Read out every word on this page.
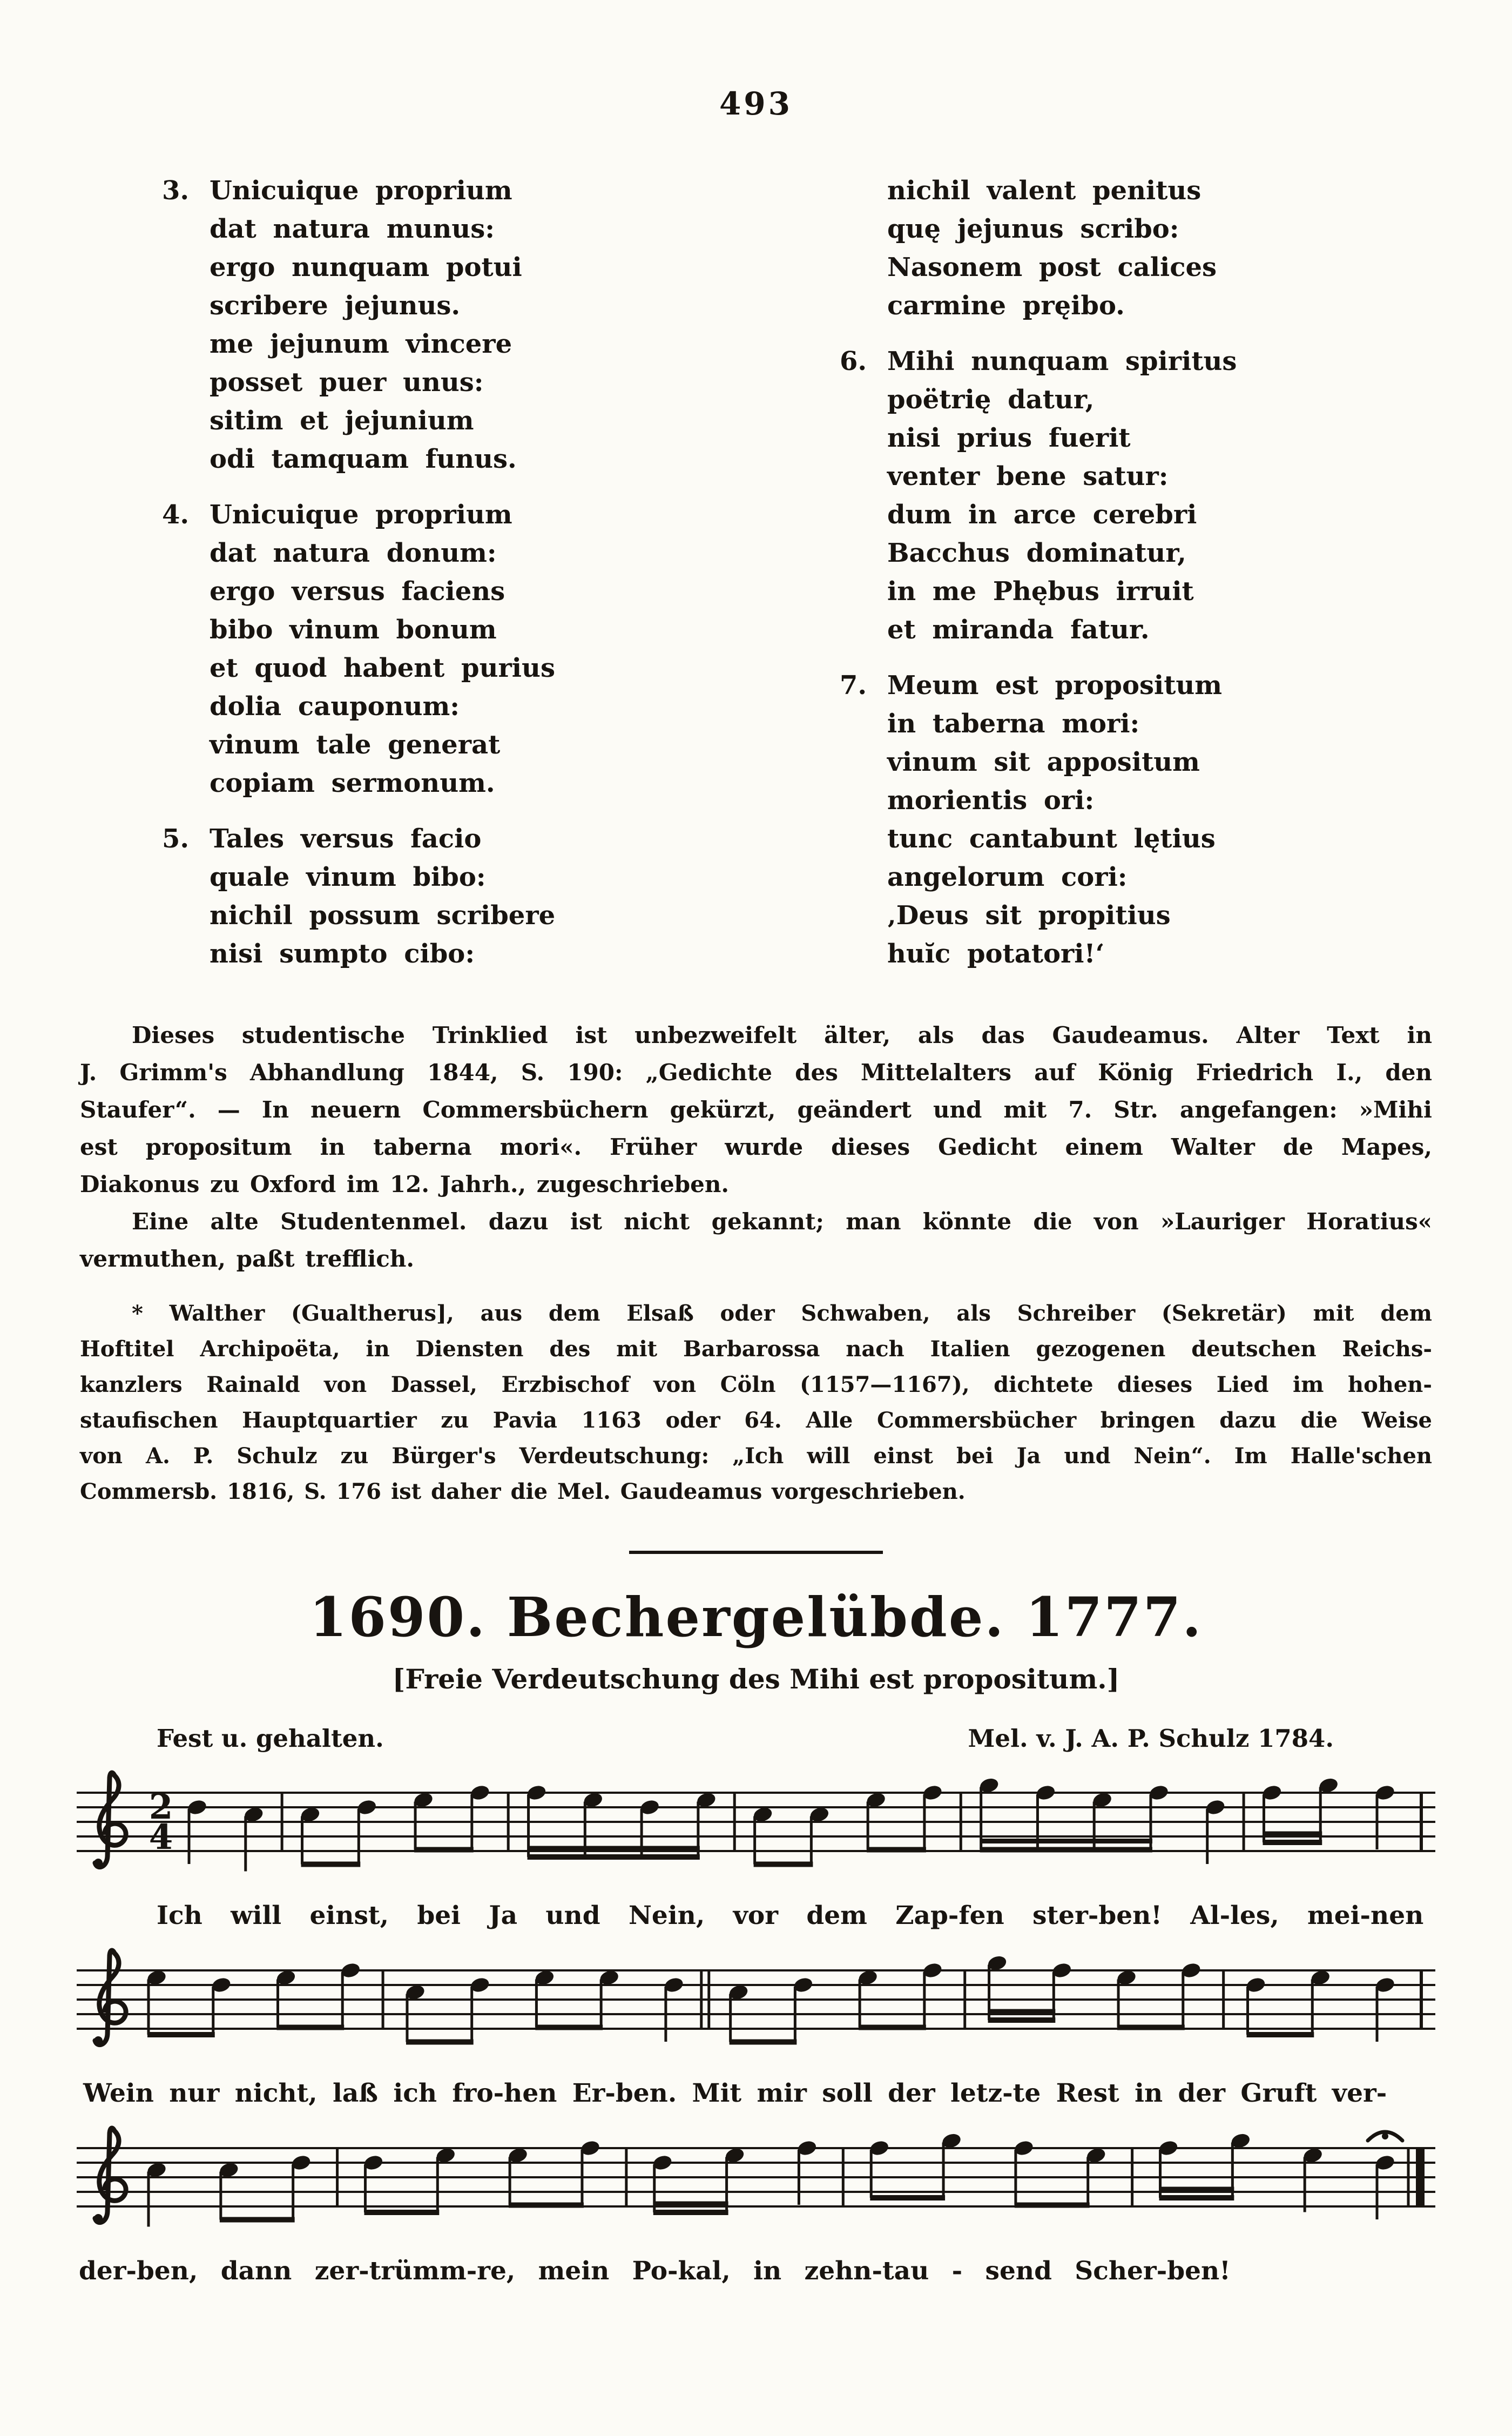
493
3. Unicuique proprium
dat natura munus:
ergo nunquam potui
scribere jejunus.
me jejunum vincere
posset puer unus:
sitim et jejunium
odi tamquam funus.
4. Unicuique proprium
dat natura donum:
ergo versus faciens
bibo vinum bonum
et quod habent purius
dolia cauponum:
vinum tale generat
copiam sermonum.
5. Tales versus facio
quale vinum bibo:
nichil possum scribere
nisi sumpto cibo:
nichil valent penitus
quę jejunus scribo:
Nasonem post calices
carmine pręibo.
6. Mihi nunquam spiritus
poëtrię datur,
nisi prius fuerit
venter bene satur:
dum in arce cerebri
Bacchus dominatur,
in me Phębus irruit
et miranda fatur.
7. Meum est propositum
in taberna mori:
vinum sit appositum
morientis ori:
tunc cantabunt lętius
angelorum cori:
‚Deus sit propitius
huĭc potatori!‘
Dieses studentische Trinklied ist unbezweifelt älter, als das Gaudeamus. Alter Text in
J. Grimm's Abhandlung 1844, S. 190: „Gedichte des Mittelalters auf König Friedrich I., den
Staufer“. — In neuern Commersbüchern gekürzt, geändert und mit 7. Str. angefangen: »Mihi
est propositum in taberna mori«. Früher wurde dieses Gedicht einem Walter de Mapes,
Diakonus zu Oxford im 12. Jahrh., zugeschrieben.
Eine alte Studentenmel. dazu ist nicht gekannt; man könnte die von »Lauriger Horatius«
vermuthen, paßt trefflich.
* Walther (Gualtherus], aus dem Elsaß oder Schwaben, als Schreiber (Sekretär) mit dem
Hoftitel Archipoëta, in Diensten des mit Barbarossa nach Italien gezogenen deutschen Reichs-
kanzlers Rainald von Dassel, Erzbischof von Cöln (1157—1167), dichtete dieses Lied im hohen-
staufischen Hauptquartier zu Pavia 1163 oder 64. Alle Commersbücher bringen dazu die Weise
von A. P. Schulz zu Bürger's Verdeutschung: „Ich will einst bei Ja und Nein“. Im Halle'schen
Commersb. 1816, S. 176 ist daher die Mel. Gaudeamus vorgeschrieben.
1690. Bechergelübde. 1777.
[Freie Verdeutschung des Mihi est propositum.]
Fest u. gehalten.	Mel. v. J. A. P. Schulz 1784.
2
4
Ich will einst, bei Ja und Nein, vor dem Zap-fen ster-ben! Al-les, mei-nen
Wein nur nicht, laß ich fro-hen Er-ben. Mit mir soll der letz-te Rest in der Gruft ver-
der-ben, dann zer-trümm-re, mein Po-kal, in zehn-tau - send Scher-ben!
